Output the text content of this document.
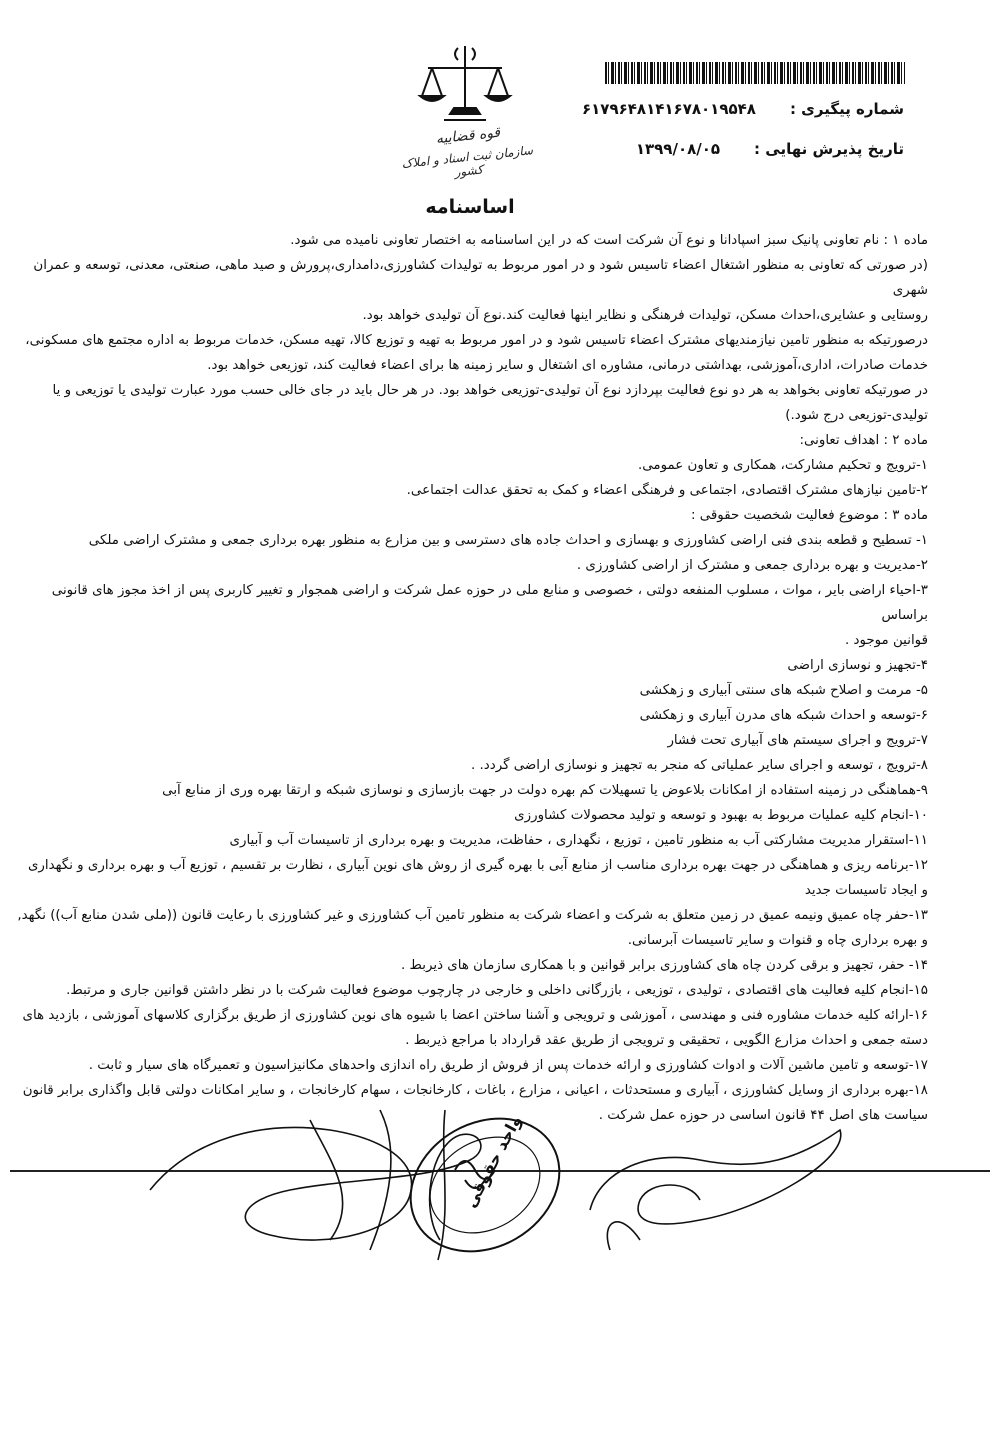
شماره پیگیری :
۶۱۷۹۶۴۸۱۴۱۶۷۸۰۱۹۵۴۸
تاریخ پذیرش نهایی :
۱۳۹۹/۰۸/۰۵
قوه قضاییه
سازمان ثبت اسناد و املاک کشور
اساسنامه

ماده ۱ : نام تعاونی پانیک سبز اسپادانا و نوع آن شرکت است که در این اساسنامه به اختصار تعاونی نامیده می شود.

(در صورتی که تعاونی به منظور اشتغال اعضاء تاسیس شود و در امور مربوط به تولیدات کشاورزی،دامداری،پرورش و صید ماهی، صنعتی، معدنی، توسعه و عمران شهری

روستایی و عشایری،احداث مسکن، تولیدات فرهنگی و نظایر اینها فعالیت کند.نوع آن تولیدی خواهد بود.

درصورتیکه به منظور تامین نیازمندیهای مشترک اعضاء تاسیس شود و در امور مربوط به تهیه و توزیع کالا، تهیه مسکن، خدمات مربوط به اداره مجتمع های مسکونی،

خدمات صادرات، اداری،آموزشی، بهداشتی درمانی، مشاوره ای اشتغال و سایر زمینه ها برای اعضاء فعالیت کند، توزیعی خواهد بود.

در صورتیکه تعاونی بخواهد به هر دو نوع فعالیت بپردازد نوع آن تولیدی-توزیعی خواهد بود. در هر حال باید در جای خالی حسب مورد عبارت تولیدی یا توزیعی و یا

تولیدی-توزیعی درج شود.)

ماده ۲ : اهداف تعاونی:

۱-ترویج و تحکیم مشارکت، همکاری و تعاون عمومی.

۲-تامین نیازهای مشترک اقتصادی، اجتماعی و فرهنگی اعضاء و کمک به تحقق عدالت اجتماعی.

ماده ۳ : موضوع فعالیت شخصیت حقوقی :

۱- تسطیح و قطعه بندی فنی اراضی کشاورزی و بهسازی و احداث جاده های دسترسی و بین مزارع به منظور بهره برداری جمعی و مشترک اراضی ملکی

۲-مدیریت و بهره برداری جمعی و مشترک از اراضی کشاورزی .

۳-احیاء اراضی بایر ، موات ، مسلوب المنفعه دولتی ، خصوصی و منابع ملی در حوزه عمل شرکت و اراضی همجوار و تغییر کاربری پس از اخذ مجوز های قانونی براساس

قوانین موجود .

۴-تجهیز و نوسازی اراضی

۵- مرمت و اصلاح شبکه های سنتی آبیاری و زهکشی

۶-توسعه و احداث شبکه های مدرن آبیاری و زهکشی

۷-ترویج و اجرای سیستم های آبیاری تحت فشار

۸-ترویج ، توسعه و اجرای سایر عملیاتی که منجر به تجهیز و نوسازی اراضی گردد. .

۹-هماهنگی در زمینه استفاده از امکانات بلاعوض یا تسهیلات کم بهره دولت در جهت بازسازی و نوسازی شبکه و ارتقا بهره وری از منابع آبی

۱۰-انجام کلیه عملیات مربوط به بهبود و توسعه و تولید محصولات کشاورزی

۱۱-استقرار مدیریت مشارکتی آب به منظور تامین ، توزیع ، نگهداری ، حفاظت، مدیریت و بهره برداری از تاسیسات آب و آبیاری

۱۲-برنامه ریزی و هماهنگی در جهت بهره برداری مناسب از منابع آبی با بهره گیری از روش های نوین آبیاری ، نظارت بر تقسیم ، توزیع آب و بهره برداری و نگهداری

و ایجاد تاسیسات جدید

۱۳-حفر چاه عمیق ونیمه عمیق در زمین متعلق به شرکت و اعضاء شرکت به منظور تامین آب کشاورزی و غیر کشاورزی با رعایت قانون ((ملی شدن منابع آب)) نگهد,

و بهره برداری چاه و قنوات و سایر تاسیسات آبرسانی.

۱۴- حفر، تجهیز و برقی کردن چاه های کشاورزی برابر قوانین و با همکاری سازمان های ذیربط .

۱۵-انجام کلیه فعالیت های اقتصادی ، تولیدی ، توزیعی ، بازرگانی داخلی و خارجی در چارچوب موضوع فعالیت شرکت با در نظر داشتن قوانین جاری و مرتبط.

۱۶-ارائه کلیه خدمات مشاوره فنی و مهندسی ، آموزشی و ترویجی و آشنا ساختن اعضا با شیوه های نوین کشاورزی از طریق برگزاری کلاسهای آموزشی ، بازدید های

دسته جمعی و احداث مزارع الگویی ، تحقیقی و ترویجی از طریق عقد قرارداد با مراجع ذیربط .

۱۷-توسعه و تامین ماشین آلات و ادوات کشاورزی و ارائه خدمات پس از فروش از طریق راه اندازی واحدهای مکانیزاسیون و تعمیرگاه های سیار و ثابت .

۱۸-بهره برداری از وسایل کشاورزی ، آبیاری و مستحدثات ، اعیانی ، مزارع ، باغات ، کارخانجات ، سهام کارخانجات ، و سایر امکانات دولتی قابل واگذاری برابر قانون

سیاست های اصل ۴۴ قانون اساسی در حوزه عمل شرکت .

واحد حقوقی
